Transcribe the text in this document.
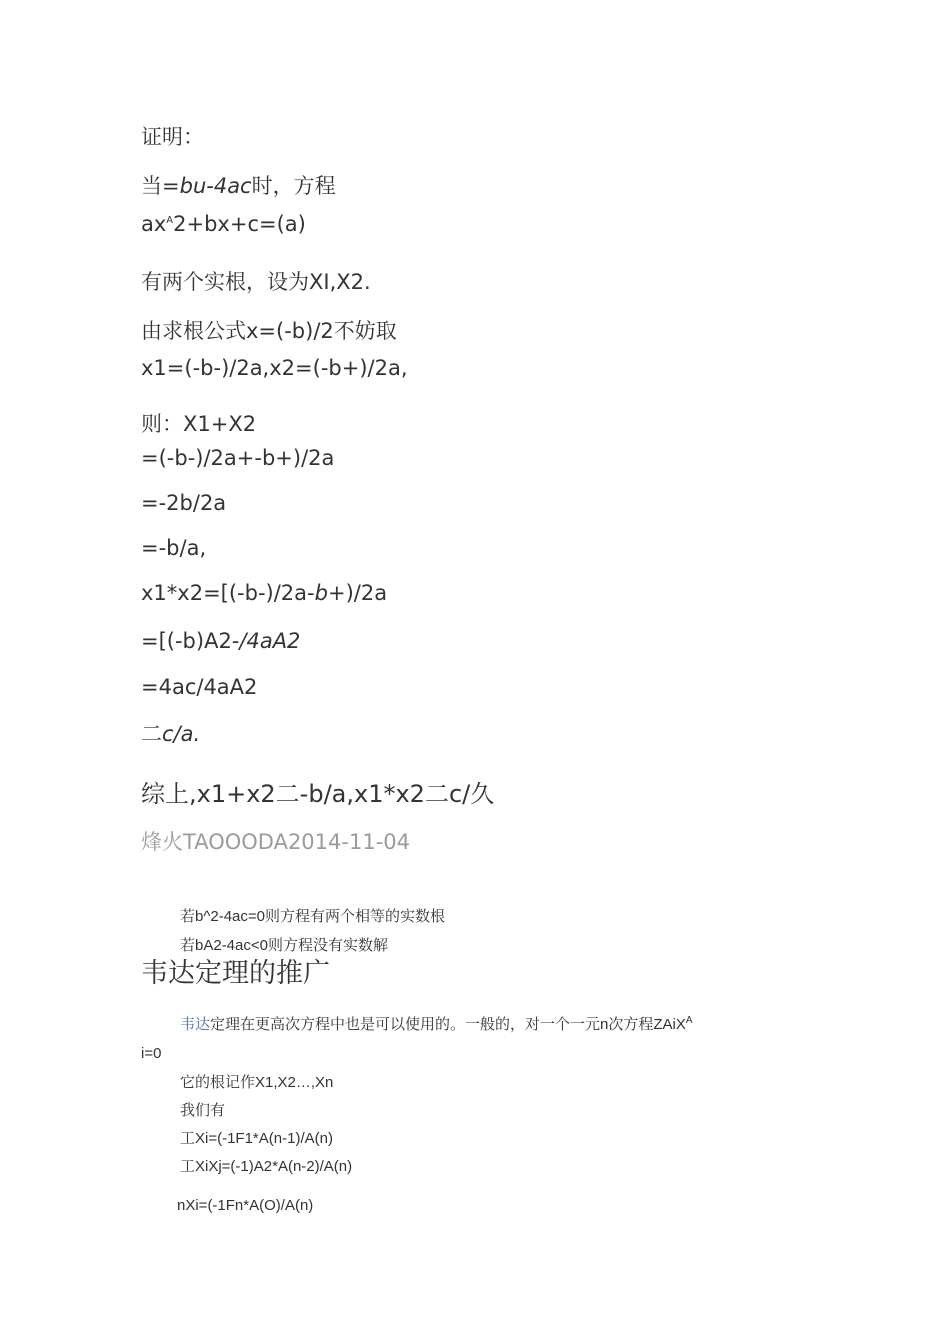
证明：
当=bu-4ac时，方程
$ax^A2+bx+c=(a)$
有两个实根，设为XI,X2.
由求根公式x=(-b)/2不妨取
x1=(-b-)/2a,x2=(-b+)/2a,
则：X1+X2
=(-b-)/2a+-b+)/2a
=-2b/2a
=-b/a,
x1*x2=[(-b-)/2a-b+)/2a
=[(-b)A2-/4aA2
=4ac/4aA2
二c/a.
综上,x1+x2二-b/a,x1*x2二c/久
烽火TAOOODA2014-11-04
若b^2-4ac=0则方程有两个相等的实数根
若bA2-4ac<0则方程没有实数解
韦达定理的推广
韦达定理在更高次方程中也是可以使用的。一般的，对一个一元n次方程ZAiX$^A$
i=0
它的根记作X1,X2…,Xn
我们有
工Xi=(-1F1*A(n-1)/A(n)
工XiXj=(-1)A2*A(n-2)/A(n)
nXi=(-1Fn*A(O)/A(n)
